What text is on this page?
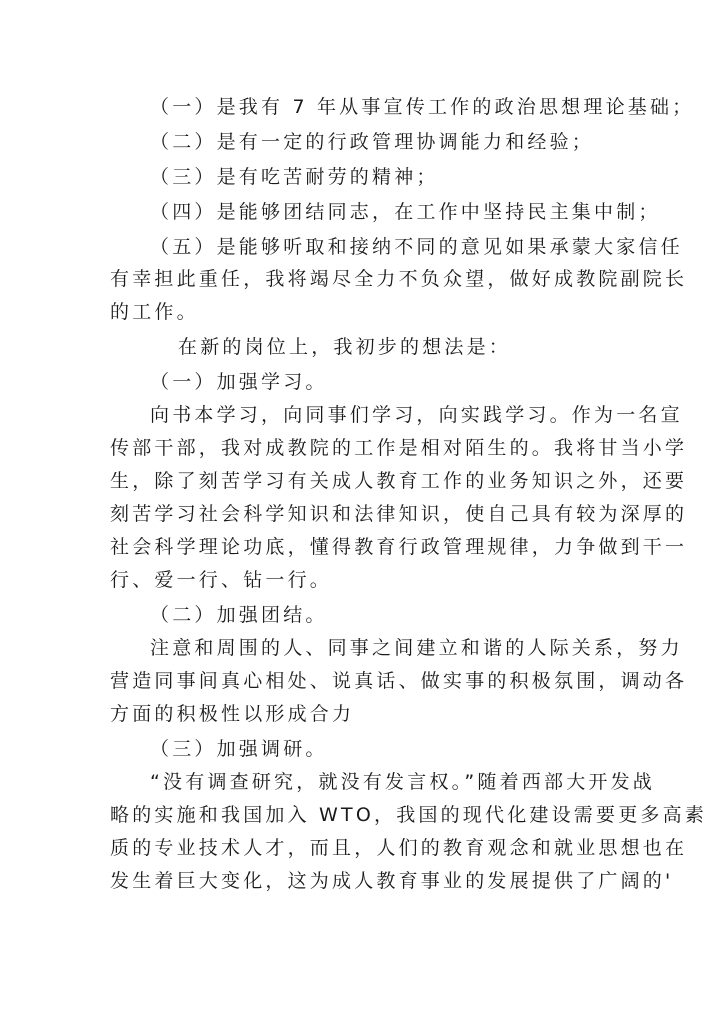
（一）是我有 7 年从事宣传工作的政治思想理论基础；
（二）是有一定的行政管理协调能力和经验；
（三）是有吃苦耐劳的精神；
（四）是能够团结同志，在工作中坚持民主集中制；
（五）是能够听取和接纳不同的意见如果承蒙大家信任
有幸担此重任，我将竭尽全力不负众望，做好成教院副院长
的工作。
在新的岗位上，我初步的想法是：
（一）加强学习。
向书本学习，向同事们学习，向实践学习。作为一名宣
传部干部，我对成教院的工作是相对陌生的。我将甘当小学
生，除了刻苦学习有关成人教育工作的业务知识之外，还要
刻苦学习社会科学知识和法律知识，使自己具有较为深厚的
社会科学理论功底，懂得教育行政管理规律，力争做到干一
行、爱一行、钻一行。
（二）加强团结。
注意和周围的人、同事之间建立和谐的人际关系，努力
营造同事间真心相处、说真话、做实事的积极氛围，调动各
方面的积极性以形成合力
（三）加强调研。
“没有调查研究，就没有发言权。”随着西部大开发战
略的实施和我国加入 WTO，我国的现代化建设需要更多高素
质的专业技术人才，而且，人们的教育观念和就业思想也在
发生着巨大变化，这为成人教育事业的发展提供了广阔的'
